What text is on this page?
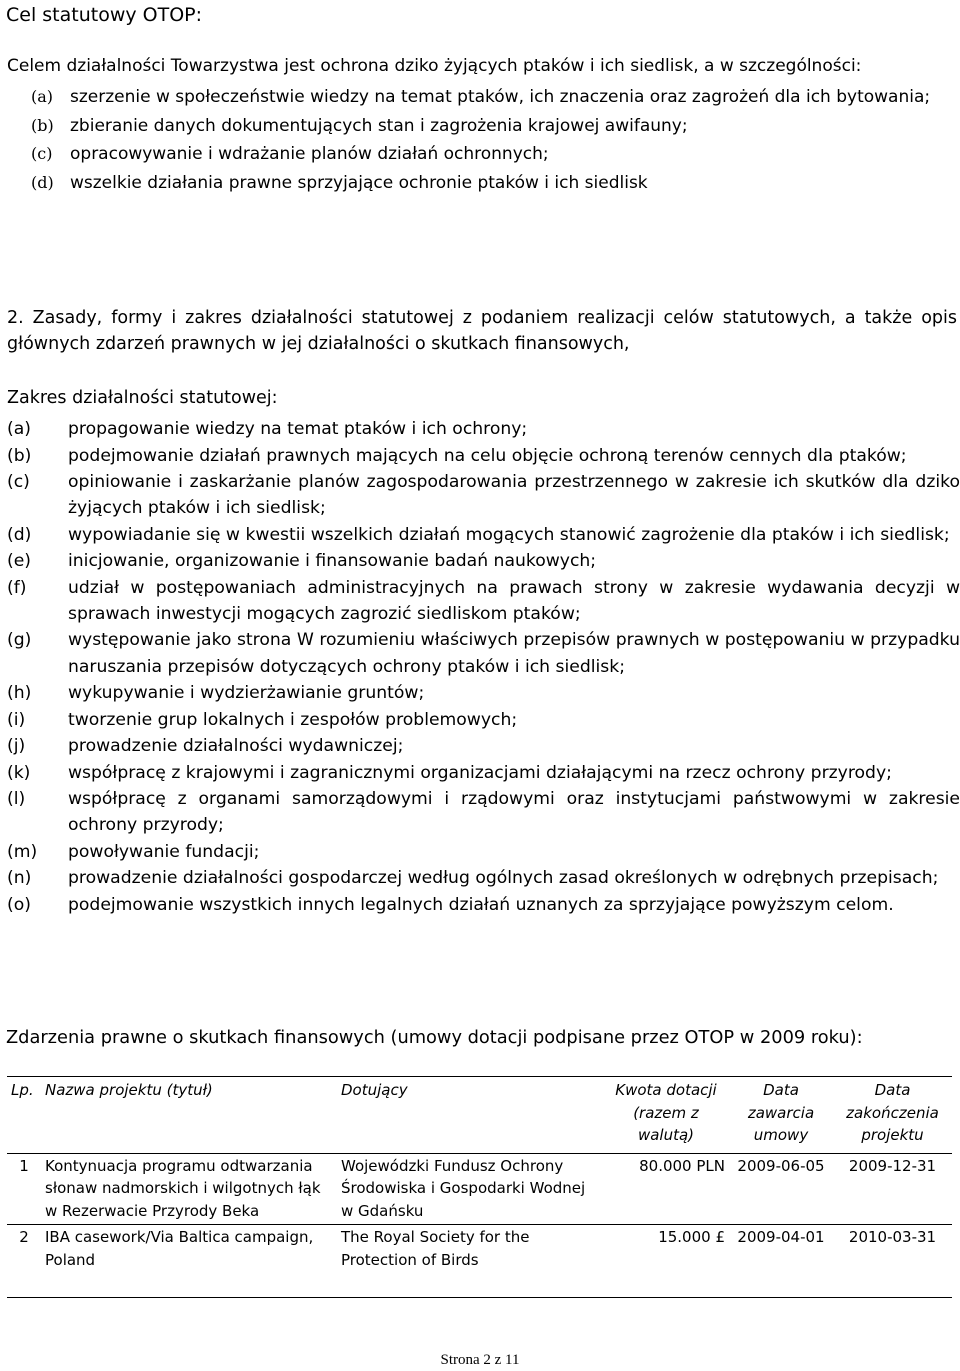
Cel statutowy OTOP:
Celem działalności Towarzystwa jest ochrona dziko żyjących ptaków i ich siedlisk, a w szczególności:
(a) szerzenie w społeczeństwie wiedzy na temat ptaków, ich znaczenia oraz zagrożeń dla ich bytowania;
(b) zbieranie danych dokumentujących stan i zagrożenia krajowej awifauny;
(c) opracowywanie i wdrażanie planów działań ochronnych;
(d) wszelkie działania prawne sprzyjające ochronie ptaków i ich siedlisk
2. Zasady, formy i zakres działalności statutowej z podaniem realizacji celów statutowych, a także opis głównych zdarzeń prawnych w jej działalności o skutkach finansowych,
Zakres działalności statutowej:
(a) propagowanie wiedzy na temat ptaków i ich ochrony;
(b) podejmowanie działań prawnych mających na celu objęcie ochroną terenów cennych dla ptaków;
(c) opiniowanie i zaskarżanie planów zagospodarowania przestrzennego w zakresie ich skutków dla dziko żyjących ptaków i ich siedlisk;
(d) wypowiadanie się w kwestii wszelkich działań mogących stanowić zagrożenie dla ptaków i ich siedlisk;
(e) inicjowanie, organizowanie i finansowanie badań naukowych;
(f) udział w postępowaniach administracyjnych na prawach strony w zakresie wydawania decyzji w sprawach inwestycji mogących zagrozić siedliskom ptaków;
(g) występowanie jako strona W rozumieniu właściwych przepisów prawnych w postępowaniu w przypadku naruszania przepisów dotyczących ochrony ptaków i ich siedlisk;
(h) wykupywanie i wydzierżawianie gruntów;
(i) tworzenie grup lokalnych i zespołów problemowych;
(j) prowadzenie działalności wydawniczej;
(k) współpracę z krajowymi i zagranicznymi organizacjami działającymi na rzecz ochrony przyrody;
(l) współpracę z organami samorządowymi i rządowymi oraz instytucjami państwowymi w zakresie ochrony przyrody;
(m) powoływanie fundacji;
(n) prowadzenie działalności gospodarczej według ogólnych zasad określonych w odrębnych przepisach;
(o) podejmowanie wszystkich innych legalnych działań uznanych za sprzyjające powyższym celom.
Zdarzenia prawne o skutkach finansowych (umowy dotacji podpisane przez OTOP w 2009 roku):
Lp.	Nazwa projektu (tytuł)	Dotujący	Kwota dotacji (razem z walutą)	Data zawarcia umowy	Data zakończenia projektu
1	Kontynuacja programu odtwarzania słonaw nadmorskich i wilgotnych łąk w Rezerwacie Przyrody Beka	Wojewódzki Fundusz Ochrony Środowiska i Gospodarki Wodnej w Gdańsku	80.000 PLN	2009-06-05	2009-12-31
2	IBA casework/Via Baltica campaign, Poland	The Royal Society for the Protection of Birds	15.000 £	2009-04-01	2010-03-31
Strona 2 z 11
